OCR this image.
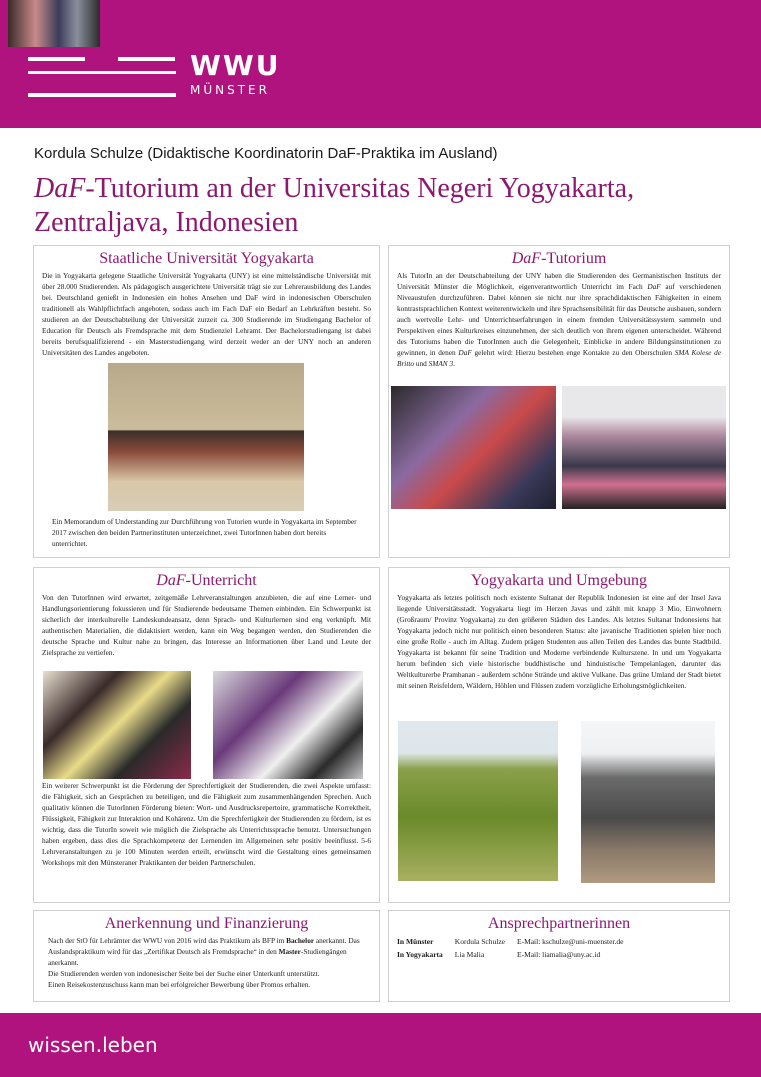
WWU
MÜNSTER
Kordula Schulze (Didaktische Koordinatorin DaF-Praktika im Ausland)
DaF-Tutorium an der Universitas Negeri Yogyakarta, Zentraljava, Indonesien
Staatliche Universität Yogyakarta

Die in Yogyakarta gelegene Staatliche Universität Yogyakarta (UNY) ist eine mittelständische Universität mit über 28.000 Studierenden. Als pädagogisch ausgerichtete Universität trägt sie zur Lehrerausbildung des Landes bei. Deutschland genießt in Indonesien ein hohes Ansehen und DaF wird in indonesischen Oberschulen traditionell als Wahlpflichtfach angeboten, sodass auch im Fach DaF ein Bedarf an Lehrkräften besteht. So studieren an der Deutschabteilung der Universität zurzeit ca. 300 Studierende im Studiengang Bachelor of Education für Deutsch als Fremdsprache mit dem Studienziel Lehramt. Der Bachelorstudiengang ist dabei bereits berufsqualifizierend - ein Masterstudiengang wird derzeit weder an der UNY noch an anderen Universitäten des Landes angeboten.

Ein Memorandum of Understanding zur Durchführung von Tutorien wurde in Yogyakarta im September 2017 zwischen den beiden Partnerinstituten unterzeichnet, zwei TutorInnen haben dort bereits unterrichtet.

DaF-Tutorium

Als TutorIn an der Deutschabteilung der UNY haben die Studierenden des Germanistischen Instituts der Universität Münster die Möglichkeit, eigenverantwortlich Unterricht im Fach DaF auf verschiedenen Niveaustufen durchzuführen. Dabei können sie nicht nur ihre sprachdidaktischen Fähigkeiten in einem kontrastsprachlichen Kontext weiterentwickeln und ihre Sprachsensibilität für das Deutsche ausbauen, sondern auch wertvolle Lehr- und Unterrichtserfahrungen in einem fremden Universitätssystem sammeln und Perspektiven eines Kulturkreises einzunehmen, der sich deutlich von ihrem eigenen unterscheidet. Während des Tutoriums haben die TutorInnen auch die Gelegenheit, Einblicke in andere Bildungsinstitutionen zu gewinnen, in denen DaF gelehrt wird: Hierzu bestehen enge Kontakte zu den Oberschulen SMA Kolese de Britto und SMAN 3.

DaF-Unterricht

Von den TutorInnen wird erwartet, zeitgemäße Lehrveranstaltungen anzubieten, die auf eine Lerner- und Handlungsorientierung fokussieren und für Studierende bedeutsame Themen einbinden. Ein Schwerpunkt ist sicherlich der interkulturelle Landeskundeansatz, denn Sprach- und Kulturlernen sind eng verknüpft. Mit authentischen Materialien, die didaktisiert werden, kann ein Weg begangen werden, den Studierenden die deutsche Sprache und Kultur nahe zu bringen, das Interesse an Informationen über Land und Leute der Zielsprache zu vertiefen.

Ein weiterer Schwerpunkt ist die Förderung der Sprechfertigkeit der Studierenden, die zwei Aspekte umfasst: die Fähigkeit, sich an Gesprächen zu beteiligen, und die Fähigkeit zum zusammenhängenden Sprechen. Auch qualitativ können die TutorInnen Förderung bieten: Wort- und Ausdrucksrepertoire, grammatische Korrektheit, Flüssigkeit, Fähigkeit zur Interaktion und Kohärenz. Um die Sprechfertigkeit der Studierenden zu fördern, ist es wichtig, dass die TutorIn soweit wie möglich die Zielsprache als Unterrichtssprache benutzt. Untersuchungen haben ergeben, dass dies die Sprachkompetenz der Lernenden im Allgemeinen sehr positiv beeinflusst. 5-6 Lehrveranstaltungen zu je 100 Minuten werden erteilt, erwünscht wird die Gestaltung eines gemeinsamen Workshops mit den Münsteraner Praktikanten der beiden Partnerschulen.

Yogyakarta und Umgebung

Yogyakarta als letztes politisch noch existente Sultanat der Republik Indonesien ist eine auf der Insel Java liegende Universitätsstadt. Yogyakarta liegt im Herzen Javas und zählt mit knapp 3 Mio. Einwohnern (Großraum/ Provinz Yogyakarta) zu den größeren Städten des Landes. Als letztes Sultanat Indonesiens hat Yogyakarta jedoch nicht nur politisch einen besonderen Status: alte javanische Traditionen spielen hier noch eine große Rolle - auch im Alltag. Zudem prägen Studenten aus allen Teilen des Landes das bunte Stadtbild. Yogyakarta ist bekannt für seine Tradition und Moderne verbindende Kulturszene. In und um Yogyakarta herum befinden sich viele historische buddhistische und hinduistische Tempelanlagen, darunter das Weltkulturerbe Prambanan - außerdem schöne Strände und aktive Vulkane. Das grüne Umland der Stadt bietet mit seinen Reisfeldern, Wäldern, Höhlen und Flüssen zudem vorzügliche Erholungsmöglichkeiten.

Anerkennung und Finanzierung

Nach der StO für Lehrämter der WWU von 2016 wird das Praktikum als BFP im Bachelor anerkannt. Das Auslandspraktikum wird für das „Zertifikat Deutsch als Fremdsprache“ in den Master-Studiengängen anerkannt.
Die Studierenden werden von indonesischer Seite bei der Suche einer Unterkunft unterstützt.
Einen Reisekostenzuschuss kann man bei erfolgreicher Bewerbung über Promos erhalten.

Ansprechpartnerinnen
In Münster	Kordula Schulze	E-Mail: kschulze@uni-muenster.de
In Yogyakarta	Lia Malia	E-Mail: liamalia@uny.ac.id
wissen.leben
